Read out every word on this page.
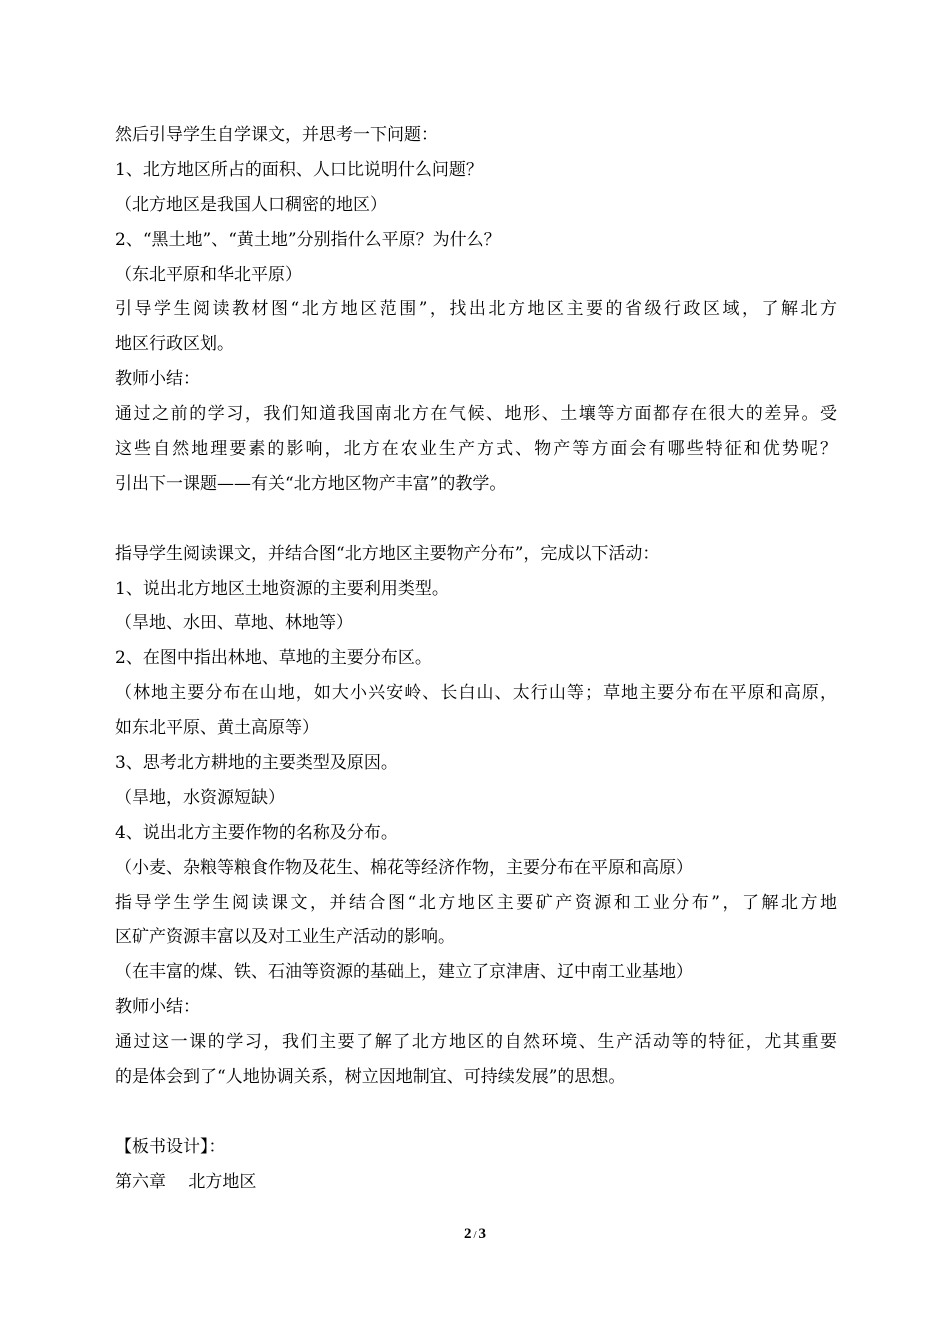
然后引导学生自学课文，并思考一下问题：
1、北方地区所占的面积、人口比说明什么问题？
（北方地区是我国人口稠密的地区）
2、“黑土地”、“黄土地”分别指什么平原？为什么？
（东北平原和华北平原）
引导学生阅读教材图“北方地区范围”，找出北方地区主要的省级行政区域，了解北方
地区行政区划。
教师小结：
通过之前的学习，我们知道我国南北方在气候、地形、土壤等方面都存在很大的差异。受
这些自然地理要素的影响，北方在农业生产方式、物产等方面会有哪些特征和优势呢？
引出下一课题——有关“北方地区物产丰富”的教学。
指导学生阅读课文，并结合图“北方地区主要物产分布”，完成以下活动：
1、说出北方地区土地资源的主要利用类型。
（旱地、水田、草地、林地等）
2、在图中指出林地、草地的主要分布区。
（林地主要分布在山地，如大小兴安岭、长白山、太行山等；草地主要分布在平原和高原，
如东北平原、黄土高原等）
3、思考北方耕地的主要类型及原因。
（旱地，水资源短缺）
4、说出北方主要作物的名称及分布。
（小麦、杂粮等粮食作物及花生、棉花等经济作物，主要分布在平原和高原）
指导学生学生阅读课文，并结合图“北方地区主要矿产资源和工业分布”，了解北方地
区矿产资源丰富以及对工业生产活动的影响。
（在丰富的煤、铁、石油等资源的基础上，建立了京津唐、辽中南工业基地）
教师小结：
通过这一课的学习，我们主要了解了北方地区的自然环境、生产活动等的特征，尤其重要
的是体会到了“人地协调关系，树立因地制宜、可持续发展”的思想。
【板书设计】：
第六章　 北方地区
2 / 3
